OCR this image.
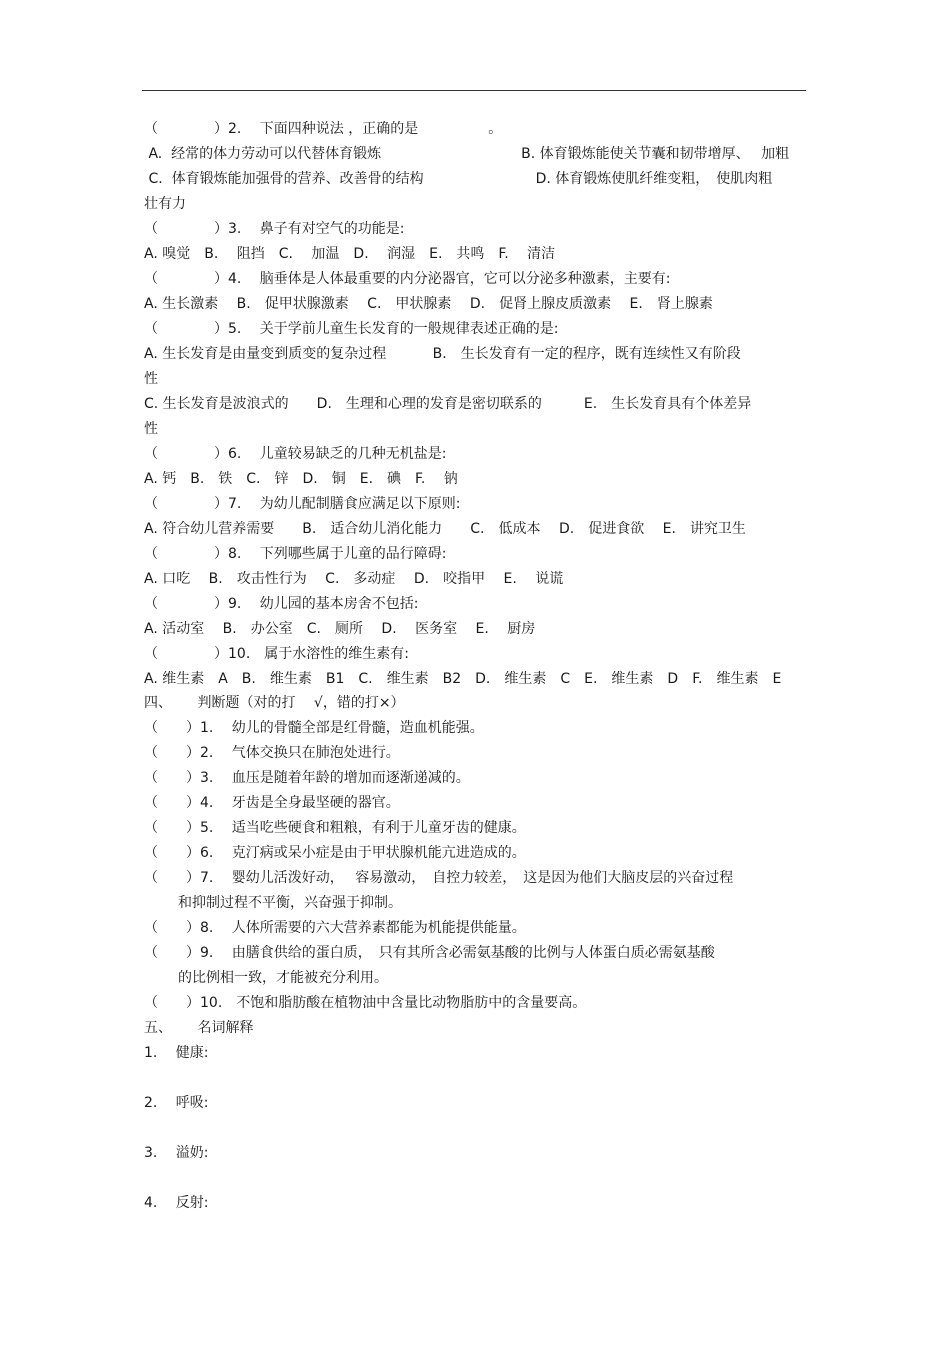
（　　　　）2.　 下面四种说法 ，正确的是　　　　　。
A.  经常的体力劳动可以代替体育锻炼　　　　　　　　　　B. 体育锻炼能使关节囊和韧带增厚、　 加粗
C.  体育锻炼能加强骨的营养、改善骨的结构　　　　　　　　D. 体育锻炼使肌纤维变粗，　使肌肉粗
壮有力
（　　　　）3.　 鼻子有对空气的功能是:
A. 嗅觉　B.　 阻挡　C.　 加温　D.　 润湿　E.　共鸣　F.　 清洁
（　　　　）4.　 脑垂体是人体最重要的内分泌器官，它可以分泌多种激素，主要有:
A. 生长激素　 B.　促甲状腺激素　 C.　甲状腺素　 D.　促肾上腺皮质激素　 E.　肾上腺素
（　　　　）5.　 关于学前儿童生长发育的一般规律表述正确的是:
A. 生长发育是由量变到质变的复杂过程　　　 B.　生长发育有一定的程序，既有连续性又有阶段
性
C. 生长发育是波浪式的　　D.　生理和心理的发育是密切联系的　　　E.　生长发育具有个体差异
性
（　　　　）6.　 儿童较易缺乏的几种无机盐是:
A. 钙　B.　铁　C.　锌　D.　铜　E.　碘　F.　 钠
（　　　　）7.　 为幼儿配制膳食应满足以下原则:
A. 符合幼儿营养需要　　B.　适合幼儿消化能力　　C.　低成本　 D.　促进食欲　 E.　讲究卫生
（　　　　）8.　 下列哪些属于儿童的品行障碍:
A. 口吃　 B.　攻击性行为　 C.　多动症　 D.　咬指甲　 E.　 说谎
（　　　　）9.　 幼儿园的基本房舍不包括:
A. 活动室　 B.　办公室　C.　厕所　 D.　 医务室　 E.　 厨房
（　　　　）10.　属于水溶性的维生素有:
A. 维生素　A　B.　维生素　B1　C.　维生素　B2　D.　维生素　C　E.　维生素　D　F.　维生素　E
四、　　 判断题（对的打　 √，错的打×）
（　　）1.　 幼儿的骨髓全部是红骨髓，造血机能强。
（　　）2.　 气体交换只在肺泡处进行。
（　　）3.　 血压是随着年龄的增加而逐渐递减的。
（　　）4.　 牙齿是全身最坚硬的器官。
（　　）5.　 适当吃些硬食和粗粮，有利于儿童牙齿的健康。
（　　）6.　 克汀病或呆小症是由于甲状腺机能亢进造成的。
（　　）7.　 婴幼儿活泼好动，　 容易激动，　自控力较差，　这是因为他们大脑皮层的兴奋过程
和抑制过程不平衡，兴奋强于抑制。
（　　）8.　 人体所需要的六大营养素都能为机能提供能量。
（　　）9.　 由膳食供给的蛋白质，　只有其所含必需氨基酸的比例与人体蛋白质必需氨基酸
的比例相一致，才能被充分利用。
（　　）10.　不饱和脂肪酸在植物油中含量比动物脂肪中的含量要高。
五、　　 名词解释
1.　 健康:
2.　 呼吸:
3.　 溢奶:
4.　 反射:
